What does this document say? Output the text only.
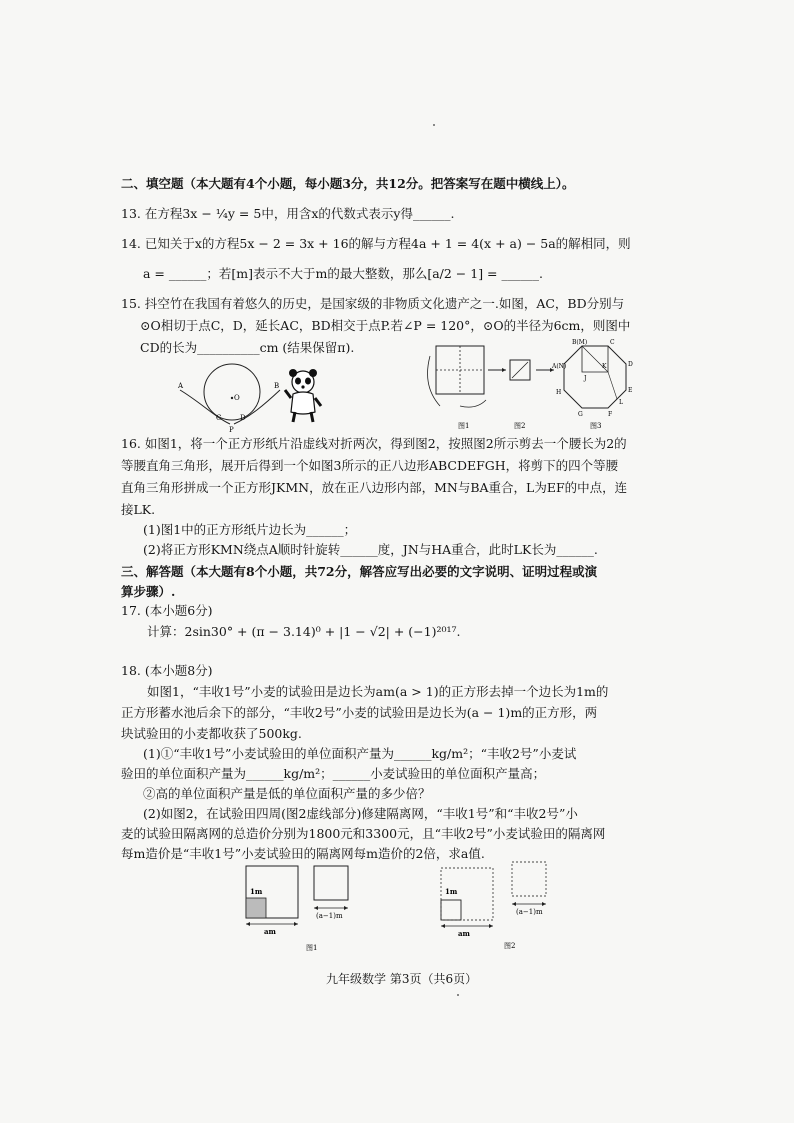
二、填空题（本大题有4个小题，每小题3分，共12分。把答案写在题中横线上）。
13. 在方程3x − ¼y = 5中，用含x的代数式表示y得______.
14. 已知关于x的方程5x − 2 = 3x + 16的解与方程4a + 1 = 4(x + a) − 5a的解相同，则
a = ______；若[m]表示不大于m的最大整数，那么[a/2 − 1] = ______.
15. 抖空竹在我国有着悠久的历史，是国家级的非物质文化遗产之一.如图，AC，BD分别与
⊙O相切于点C，D，延长AC，BD相交于点P.若∠P = 120°，⊙O的半径为6cm，则图中
CD的长为__________cm (结果保留π).
A	B
C	D
O
P
B(M)	C
D
E
F
G
H
A(N)	K
J
L
图1	图2	图3
16. 如图1，将一个正方形纸片沿虚线对折两次，得到图2，按照图2所示剪去一个腰长为2的
等腰直角三角形，展开后得到一个如图3所示的正八边形ABCDEFGH，将剪下的四个等腰
直角三角形拼成一个正方形JKMN，放在正八边形内部，MN与BA重合，L为EF的中点，连
接LK.
(1)图1中的正方形纸片边长为______；
(2)将正方形KMN绕点A顺时针旋转______度，JN与HA重合，此时LK长为______.
三、解答题（本大题有8个小题，共72分，解答应写出必要的文字说明、证明过程或演
算步骤）.
17. (本小题6分)
计算：2sin30° + (π − 3.14)⁰ + |1 − √2| + (−1)²⁰¹⁷.
18. (本小题8分)
如图1，“丰收1号”小麦的试验田是边长为am(a > 1)的正方形去掉一个边长为1m的
正方形蓄水池后余下的部分，“丰收2号”小麦的试验田是边长为(a − 1)m的正方形，两
块试验田的小麦都收获了500kg.
(1)①“丰收1号”小麦试验田的单位面积产量为______kg/m²；“丰收2号”小麦试
验田的单位面积产量为______kg/m²；______小麦试验田的单位面积产量高；
②高的单位面积产量是低的单位面积产量的多少倍？
(2)如图2，在试验田四周(图2虚线部分)修建隔离网，“丰收1号”和“丰收2号”小
麦的试验田隔离网的总造价分别为1800元和3300元，且“丰收2号”小麦试验田的隔离网
每m造价是“丰收1号”小麦试验田的隔离网每m造价的2倍，求a值.
1m
am
(a−1)m
图1
1m
am
(a−1)m
图2
九年级数学 第3页（共6页）
